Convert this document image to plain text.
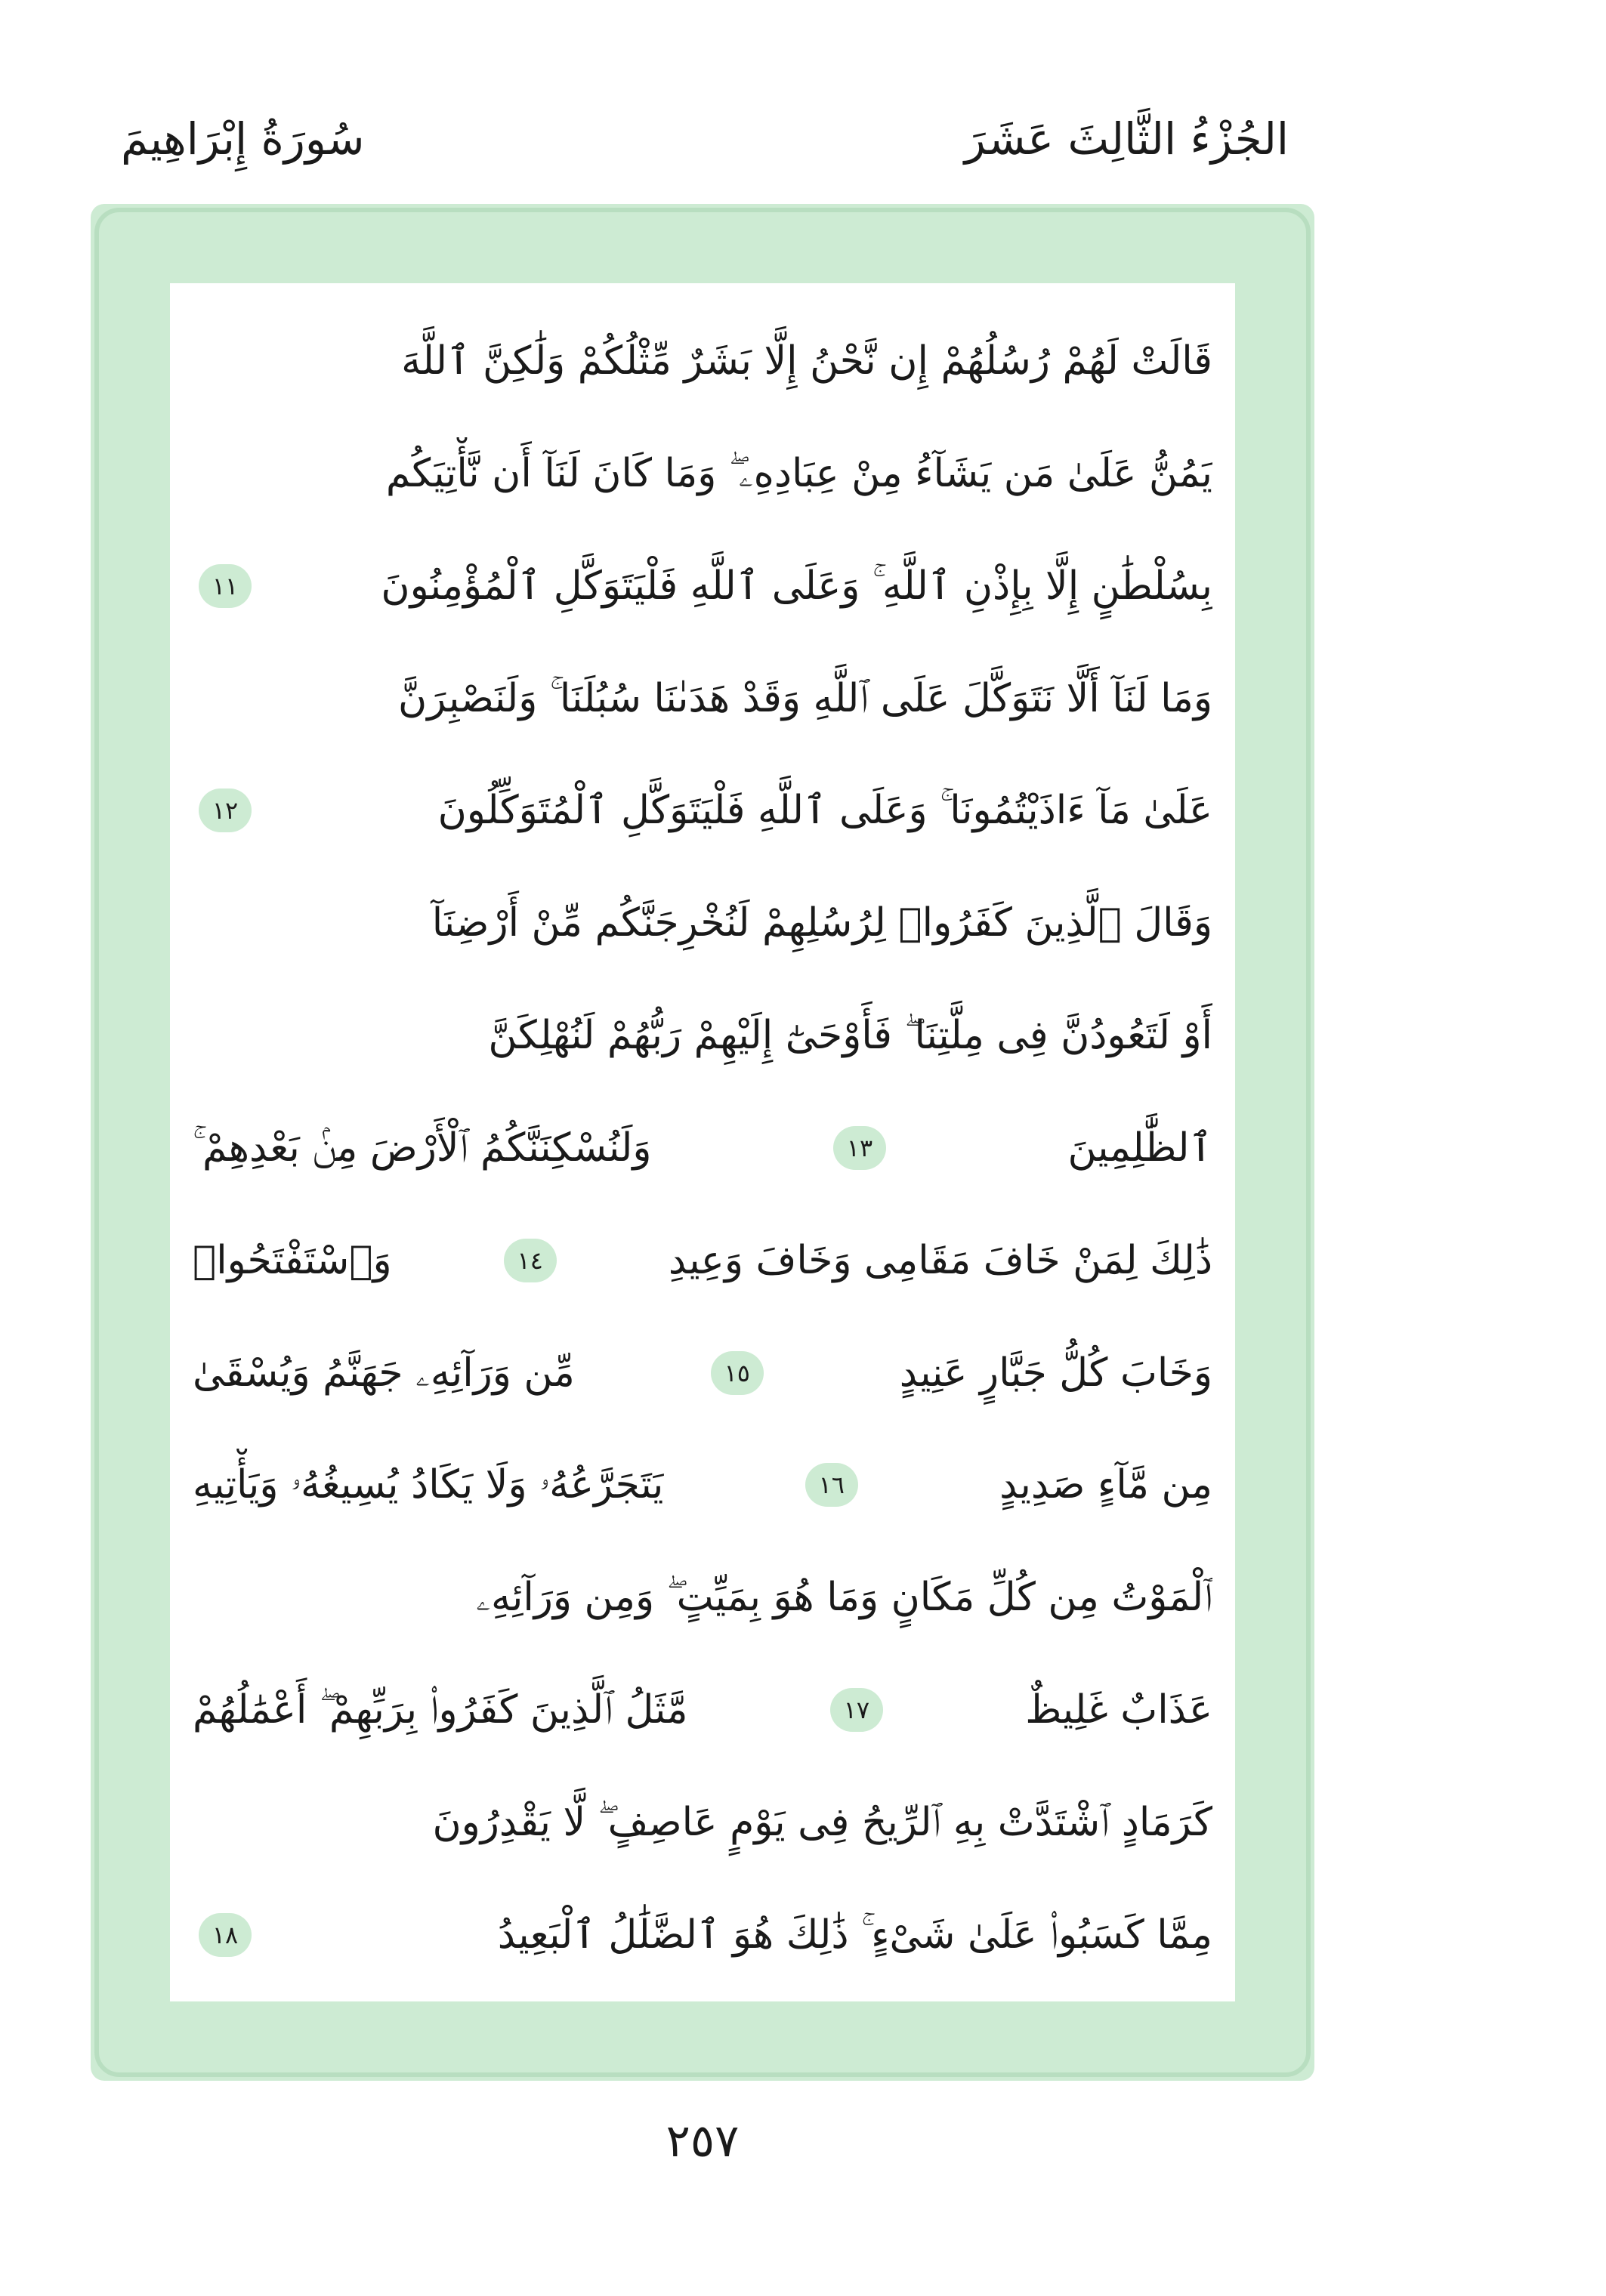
الجُزْءُ الثَّالِثَ عَشَرَ
سُورَةُ إِبْرَاهِيمَ
قَالَتْ لَهُمْ رُسُلُهُمْ إِن نَّحْنُ إِلَّا بَشَرٌ مِّثْلُكُمْ وَلَٰكِنَّ ٱللَّهَ
يَمُنُّ عَلَىٰ مَن يَشَآءُ مِنْ عِبَادِهِۦ ۖ وَمَا كَانَ لَنَآ أَن نَّأْتِيَكُم
بِسُلْطَٰنٍ إِلَّا بِإِذْنِ ٱللَّهِ ۚ وَعَلَى ٱللَّهِ فَلْيَتَوَكَّلِ ٱلْمُؤْمِنُونَ
١١
وَمَا لَنَآ أَلَّا نَتَوَكَّلَ عَلَى ٱللَّهِ وَقَدْ هَدَىٰنَا سُبُلَنَا ۚ وَلَنَصْبِرَنَّ
عَلَىٰ مَآ ءَاذَيْتُمُونَا ۚ وَعَلَى ٱللَّهِ فَلْيَتَوَكَّلِ ٱلْمُتَوَكِّلُونَ
١٢
وَقَالَ ٱلَّذِينَ كَفَرُوا۟ لِرُسُلِهِمْ لَنُخْرِجَنَّكُم مِّنْ أَرْضِنَآ
أَوْ لَتَعُودُنَّ فِى مِلَّتِنَا ۖ فَأَوْحَىٰٓ إِلَيْهِمْ رَبُّهُمْ لَنُهْلِكَنَّ
ٱلظَّٰلِمِينَ
١٣
وَلَنُسْكِنَنَّكُمُ ٱلْأَرْضَ مِنۢ بَعْدِهِمْ ۚ
ذَٰلِكَ لِمَنْ خَافَ مَقَامِى وَخَافَ وَعِيدِ
١٤
وَٱسْتَفْتَحُوا۟
وَخَابَ كُلُّ جَبَّارٍ عَنِيدٍ
١٥
مِّن وَرَآئِهِۦ جَهَنَّمُ وَيُسْقَىٰ
مِن مَّآءٍ صَدِيدٍ
١٦
يَتَجَرَّعُهُۥ وَلَا يَكَادُ يُسِيغُهُۥ وَيَأْتِيهِ
ٱلْمَوْتُ مِن كُلِّ مَكَانٍ وَمَا هُوَ بِمَيِّتٍ ۖ وَمِن وَرَآئِهِۦ
عَذَابٌ غَلِيظٌ
١٧
مَّثَلُ ٱلَّذِينَ كَفَرُوا۟ بِرَبِّهِمْ ۖ أَعْمَٰلُهُمْ
كَرَمَادٍ ٱشْتَدَّتْ بِهِ ٱلرِّيحُ فِى يَوْمٍ عَاصِفٍ ۖ لَّا يَقْدِرُونَ
مِمَّا كَسَبُوا۟ عَلَىٰ شَىْءٍ ۚ ذَٰلِكَ هُوَ ٱلضَّلَٰلُ ٱلْبَعِيدُ
١٨
٢٥٧
